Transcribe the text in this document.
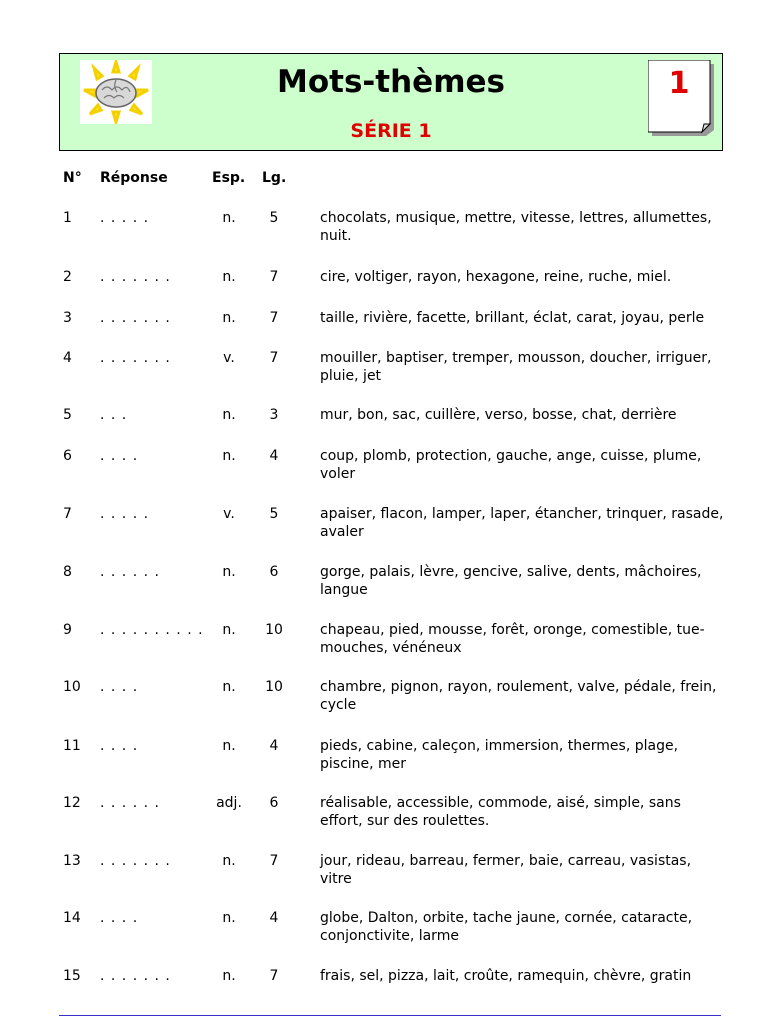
Mots-thèmes
SÉRIE 1
1
N° Réponse	Esp. Lg.
1 . . . . .	n.	5	chocolats, musique, mettre, vitesse, lettres, allumettes, nuit.
2 . . . . . . .	n.	7	cire, voltiger, rayon, hexagone, reine, ruche, miel.
3 . . . . . . .	n.	7	taille, rivière, facette, brillant, éclat, carat, joyau, perle
4 . . . . . . .	v.	7	mouiller, baptiser, tremper, mousson, doucher, irriguer, pluie, jet
5 . . .	n.	3	mur, bon, sac, cuillère, verso, bosse, chat, derrière
6 . . . .	n.	4	coup, plomb, protection, gauche, ange, cuisse, plume, voler
7 . . . . .	v.	5	apaiser, flacon, lamper, laper, étancher, trinquer, rasade, avaler
8 . . . . . .	n.	6	gorge, palais, lèvre, gencive, salive, dents, mâchoires, langue
9 . . . . . . . . . .	n.	10	chapeau, pied, mousse, forêt, oronge, comestible, tue-mouches, vénéneux
10 . . . .	n.	10	chambre, pignon, rayon, roulement, valve, pédale, frein, cycle
11 . . . .	n.	4	pieds, cabine, caleçon, immersion, thermes, plage, piscine, mer
12 . . . . . .	adj.	6	réalisable, accessible, commode, aisé, simple, sans effort, sur des roulettes.
13 . . . . . . .	n.	7	jour, rideau, barreau, fermer, baie, carreau, vasistas, vitre
14 . . . .	n.	4	globe, Dalton, orbite, tache jaune, cornée, cataracte, conjonctivite, larme
15 . . . . . . .	n.	7	frais, sel, pizza, lait, croûte, ramequin, chèvre, gratin
